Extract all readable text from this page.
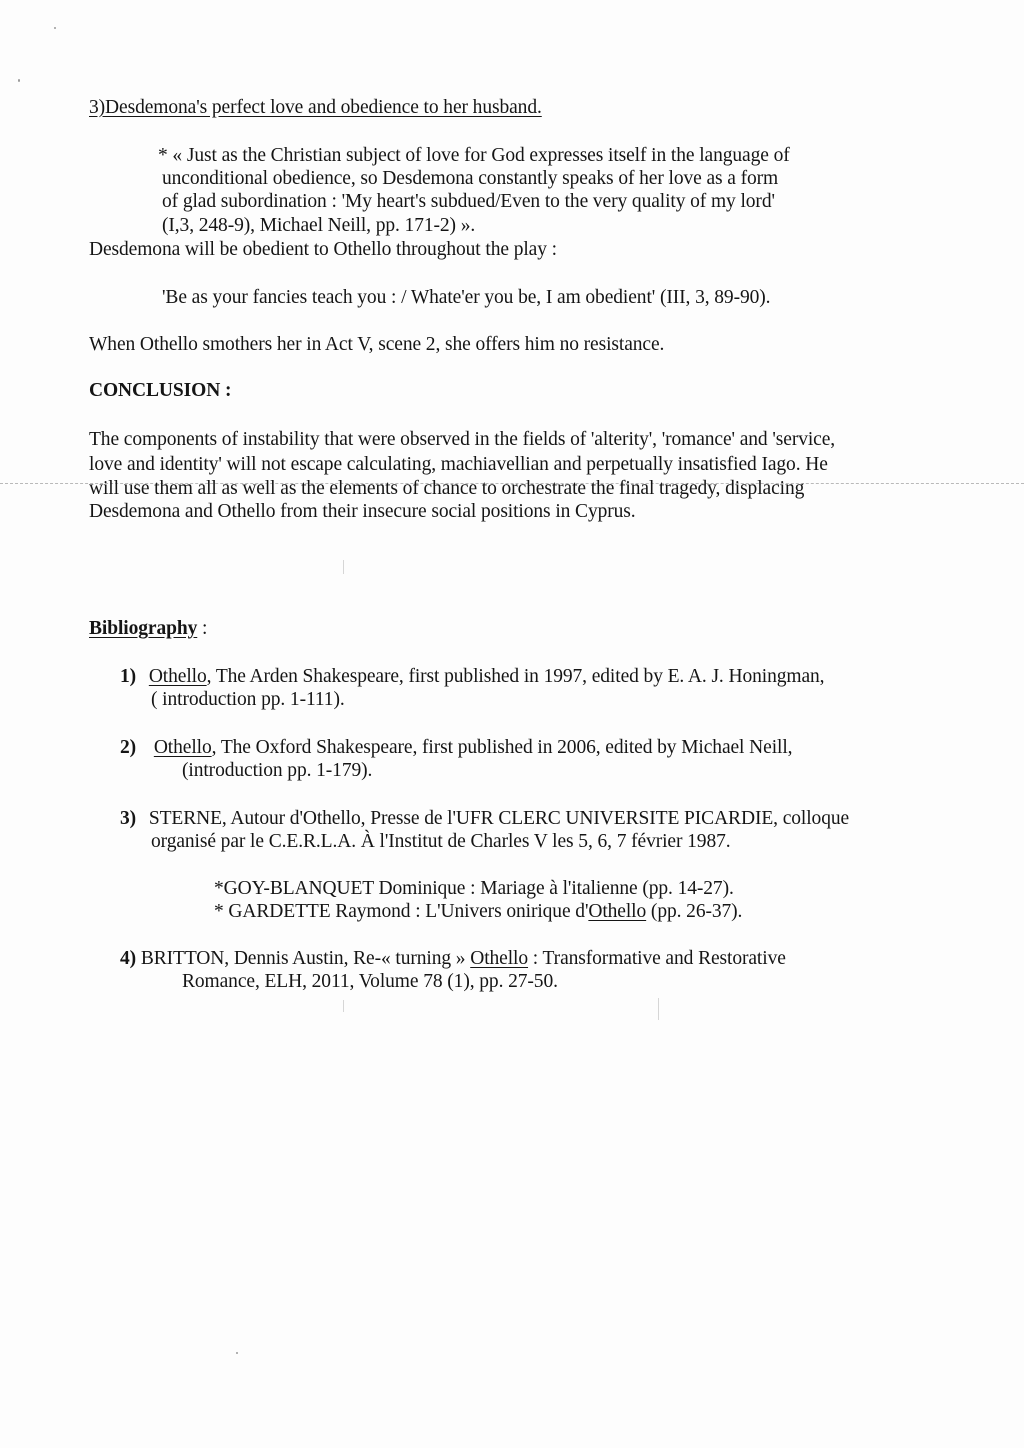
3)Desdemona's perfect love and obedience to her husband.
* « Just as the Christian subject of love for God expresses itself in the language of
unconditional obedience, so Desdemona constantly speaks of her love as a form
of glad subordination : 'My heart's subdued/Even to the very quality of my lord'
(I,3, 248-9), Michael Neill, pp. 171-2) ».
Desdemona will be obedient to Othello throughout the play :
'Be as your fancies teach you : / Whate'er you be, I am obedient' (III, 3, 89-90).
When Othello smothers her in Act V, scene 2, she offers him no resistance.
CONCLUSION :
The components of instability that were observed in the fields of 'alterity', 'romance' and 'service,
love and identity' will not escape calculating, machiavellian and perpetually insatisfied Iago. He
will use them all as well as the elements of chance to orchestrate the final tragedy, displacing
Desdemona and Othello from their insecure social positions in Cyprus.
Bibliography :
1) Othello, The Arden Shakespeare, first published in 1997, edited by E. A. J. Honingman,
( introduction pp. 1-111).
2) Othello, The Oxford Shakespeare, first published in 2006, edited by Michael Neill,
(introduction pp. 1-179).
3) STERNE, Autour d'Othello, Presse de l'UFR CLERC UNIVERSITE PICARDIE, colloque
organisé par le C.E.R.L.A. À l'Institut de Charles V les 5, 6, 7 février 1987.
*GOY-BLANQUET Dominique : Mariage à l'italienne (pp. 14-27).
* GARDETTE Raymond : L'Univers onirique d'Othello (pp. 26-37).
4) BRITTON, Dennis Austin, Re-« turning » Othello : Transformative and Restorative
Romance, ELH, 2011, Volume 78 (1), pp. 27-50.
